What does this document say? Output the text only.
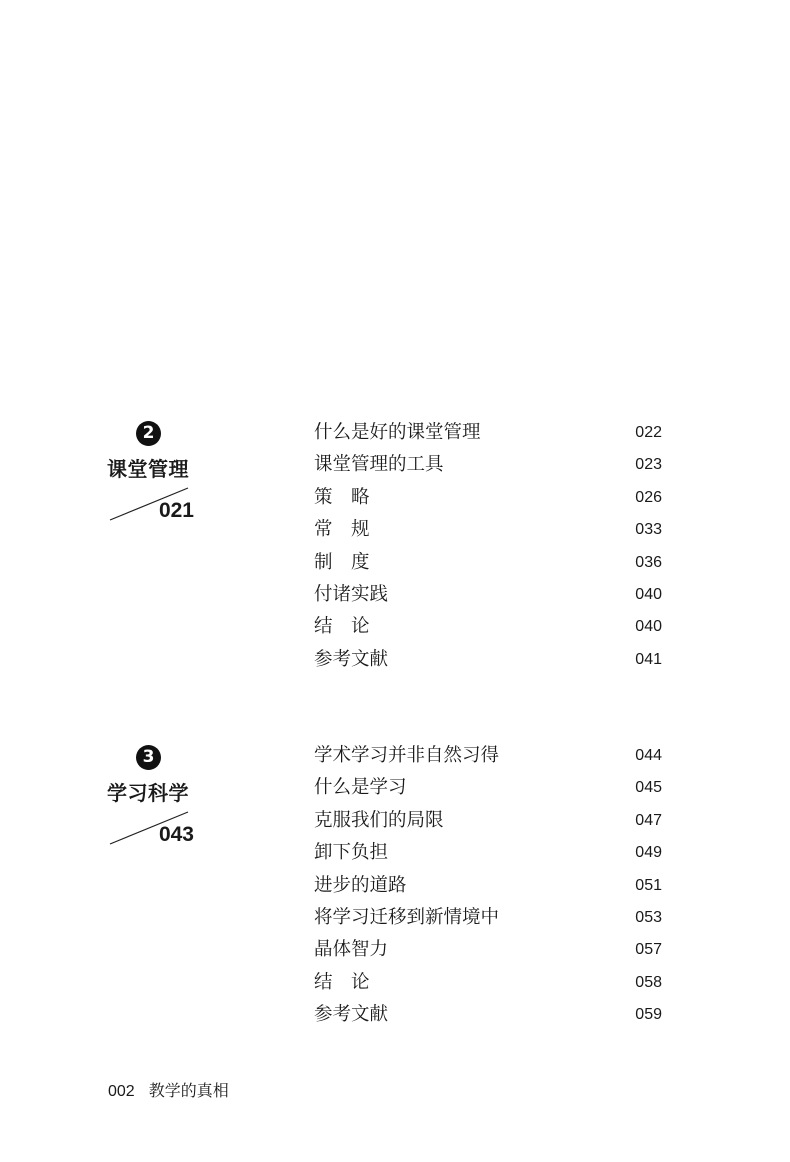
2
课堂管理
021
什么是好的课堂管理	022
课堂管理的工具	023
策　略	026
常　规	033
制　度	036
付诸实践	040
结　论	040
参考文献	041
3
学习科学
043
学术学习并非自然习得	044
什么是学习	045
克服我们的局限	047
卸下负担	049
进步的道路	051
将学习迁移到新情境中	053
晶体智力	057
结　论	058
参考文献	059
002 教学的真相
